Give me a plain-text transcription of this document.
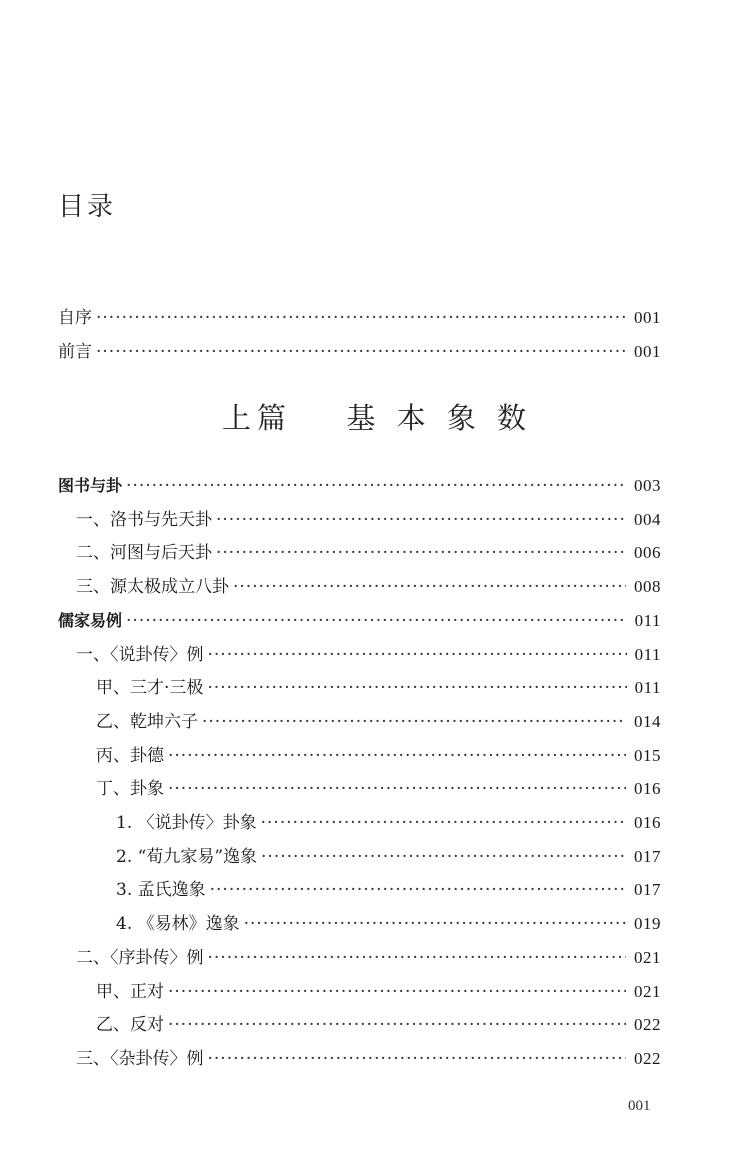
目录
自序 ·····	001
前言 ·····	001
上篇 基 本 象 数
图书与卦 ·····	003
一、洛书与先天卦 ·····	004
二、河图与后天卦 ·····	006
三、源太极成立八卦 ·····	008
儒家易例 ·····	011
一、〈说卦传〉例 ·····	011
甲、三才·三极 ·····	011
乙、乾坤六子 ·····	014
丙、卦德 ·····	015
丁、卦象 ·····	016
1. 〈说卦传〉卦象 ·····	016
2. “荀九家易”逸象 ·····	017
3. 孟氏逸象 ·····	017
4. 《易林》逸象 ·····	019
二、〈序卦传〉例 ·····	021
甲、正对 ·····	021
乙、反对 ·····	022
三、〈杂卦传〉例 ·····	022
001
